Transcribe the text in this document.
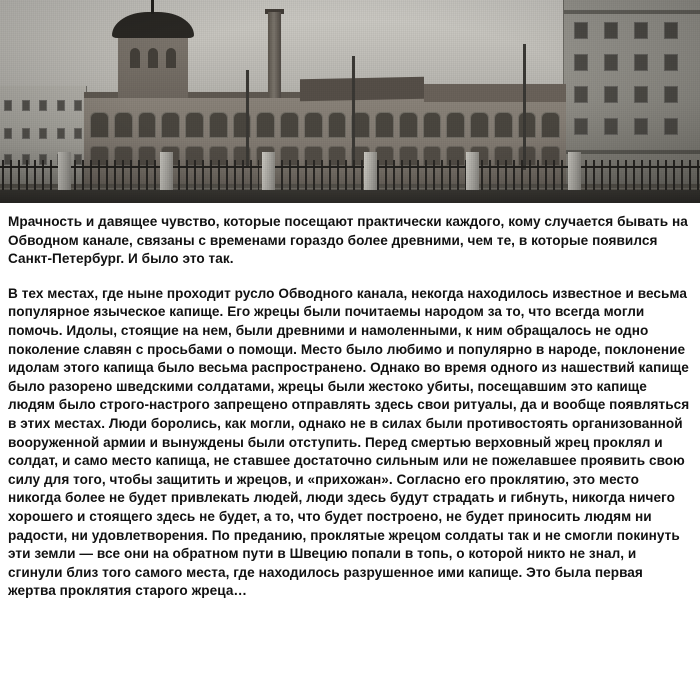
Мрачность и давящее чувство, которые посещают практически каждого, кому случается бывать на Обводном канале, связаны с временами гораздо более древними, чем те, в которые появился Санкт-Петербург. И было это так.

В тех местах, где ныне проходит русло Обводного канала, некогда находилось известное и весьма популярное языческое капище. Его жрецы были почитаемы народом за то, что всегда могли помочь. Идолы, стоящие на нем, были древними и намоленными, к ним обращалось не одно поколение славян с просьбами о помощи. Место было любимо и популярно в народе, поклонение идолам этого капища было весьма распространено. Однако во время одного из нашествий капище было разорено шведскими солдатами, жрецы были жестоко убиты, посещавшим это капище людям было строго-настрого запрещено отправлять здесь свои ритуалы, да и вообще появляться в этих местах. Люди боролись, как могли, однако не в силах были противостоять организованной вооруженной армии и вынуждены были отступить. Перед смертью верховный жрец проклял и солдат, и само место капища, не ставшее достаточно сильным или не пожелавшее проявить свою силу для того, чтобы защитить и жрецов, и «прихожан». Согласно его проклятию, это место никогда более не будет привлекать людей, люди здесь будут страдать и гибнуть, никогда ничего хорошего и стоящего здесь не будет, а то, что будет построено, не будет приносить людям ни радости, ни удовлетворения. По преданию, проклятые жрецом солдаты так и не смогли покинуть эти земли — все они на обратном пути в Швецию попали в топь, о которой никто не знал, и сгинули близ того самого места, где находилось разрушенное ими капище. Это была первая жертва проклятия старого жреца…
